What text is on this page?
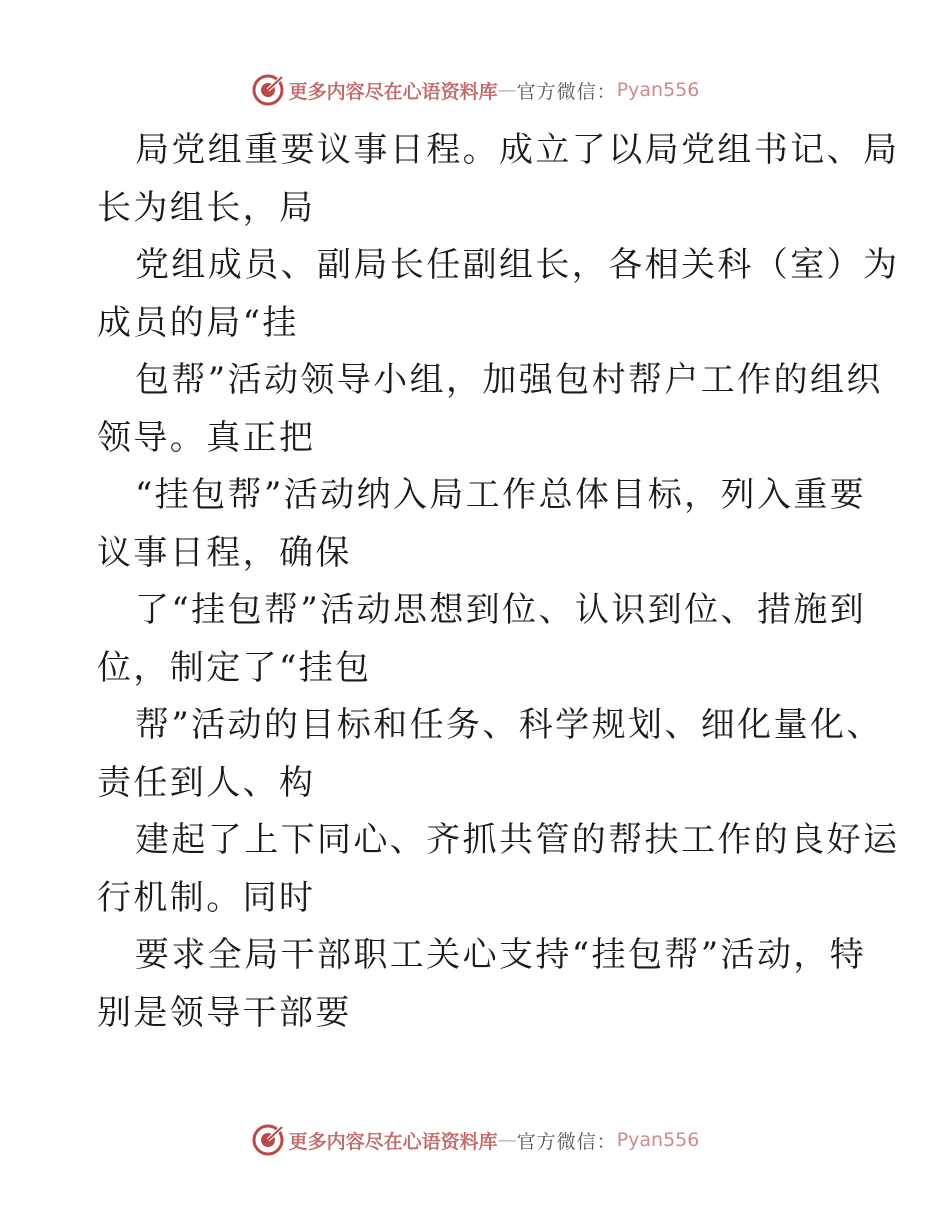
更多内容尽在心语资料库 — 官方微信： Pyan556
局党组重要议事日程。成立了以局党组书记、局
长为组长，局
党组成员、副局长任副组长，各相关科（室）为
成员的局“挂
包帮”活动领导小组，加强包村帮户工作的组织
领导。真正把
“挂包帮”活动纳入局工作总体目标，列入重要
议事日程，确保
了“挂包帮”活动思想到位、认识到位、措施到
位，制定了“挂包
帮”活动的目标和任务、科学规划、细化量化、
责任到人、构
建起了上下同心、齐抓共管的帮扶工作的良好运
行机制。同时
要求全局干部职工关心支持“挂包帮”活动，特
别是领导干部要
更多内容尽在心语资料库 — 官方微信： Pyan556
